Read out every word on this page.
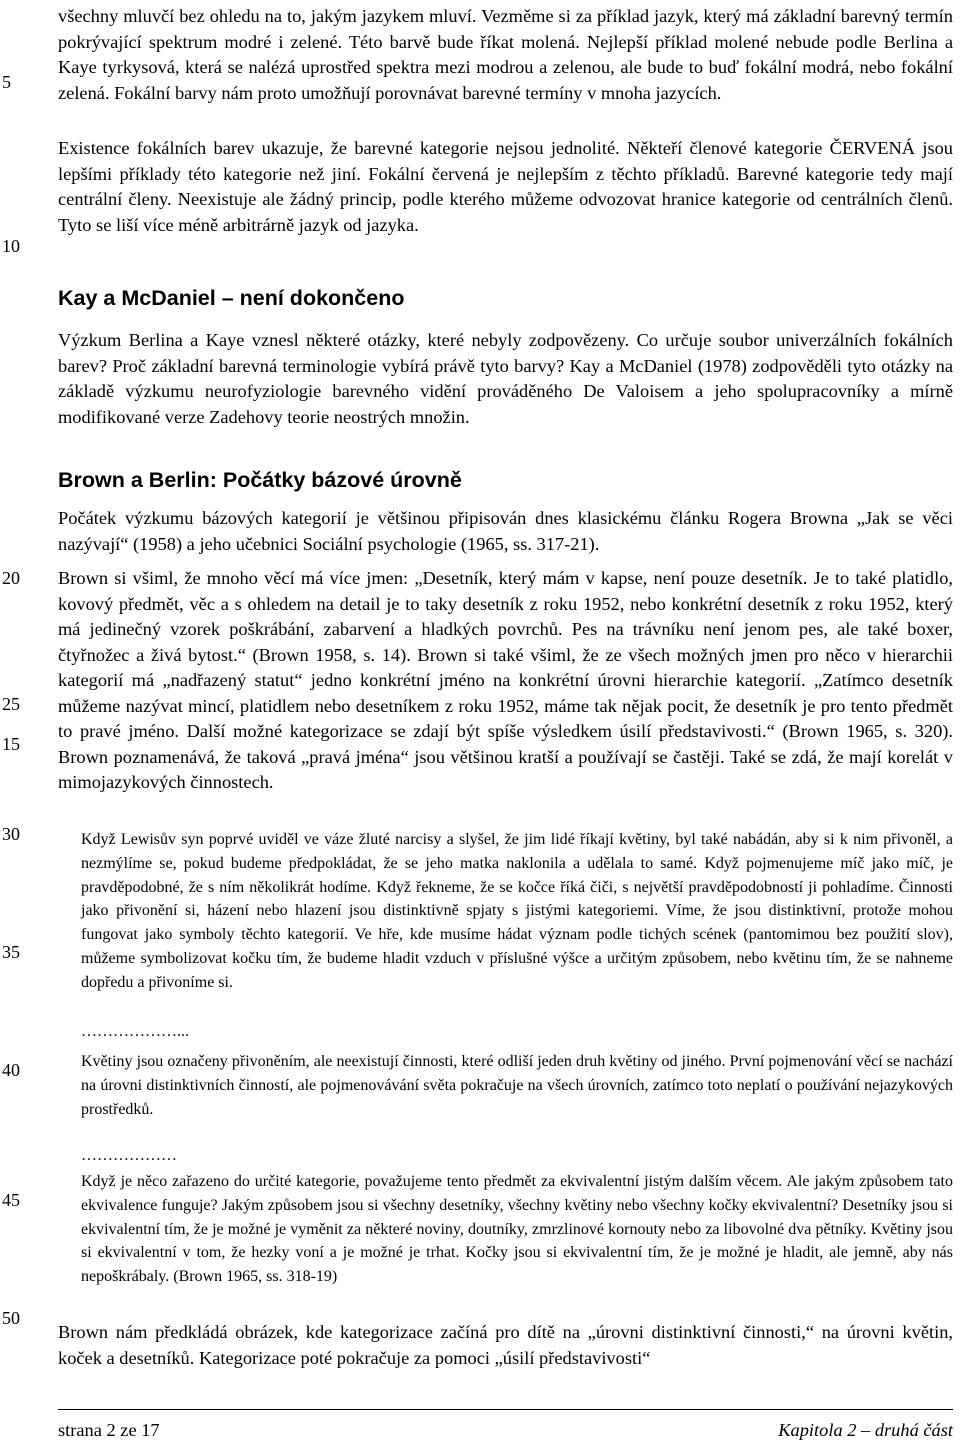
5
10
15
20
25
30
35
40
45
50

všechny mluvčí bez ohledu na to, jakým jazykem mluví. Vezměme si za příklad jazyk, který má základní barevný termín pokrývající spektrum modré i zelené. Této barvě bude říkat molená. Nejlepší příklad molené nebude podle Berlina a Kaye tyrkysová, která se nalézá uprostřed spektra mezi modrou a zelenou, ale bude to buď fokální modrá, nebo fokální zelená. Fokální barvy nám proto umožňují porovnávat barevné termíny v mnoha jazycích.

Existence fokálních barev ukazuje, že barevné kategorie nejsou jednolité. Někteří členové kategorie ČERVENÁ jsou lepšími příklady této kategorie než jiní. Fokální červená je nejlepším z těchto příkladů. Barevné kategorie tedy mají centrální členy. Neexistuje ale žádný princip, podle kterého můžeme odvozovat hranice kategorie od centrálních členů. Tyto se liší více méně arbitrárně jazyk od jazyka.

Kay a McDaniel – není dokončeno

Výzkum Berlina a Kaye vznesl některé otázky, které nebyly zodpovězeny. Co určuje soubor univerzálních fokálních barev? Proč základní barevná terminologie vybírá právě tyto barvy? Kay a McDaniel (1978) zodpověděli tyto otázky na základě výzkumu neurofyziologie barevného vidění prováděného De Valoisem a jeho spolupracovníky a mírně modifikované verze Zadehovy teorie neostrých množin.

Brown a Berlin: Počátky bázové úrovně

Počátek výzkumu bázových kategorií je většinou připisován dnes klasickému článku Rogera Browna „Jak se věci nazývají“ (1958) a jeho učebnici Sociální psychologie (1965, ss. 317-21).

Brown si všiml, že mnoho věcí má více jmen: „Desetník, který mám v kapse, není pouze desetník. Je to také platidlo, kovový předmět, věc a s ohledem na detail je to taky desetník z roku 1952, nebo konkrétní desetník z roku 1952, který má jedinečný vzorek poškrábání, zabarvení a hladkých povrchů. Pes na trávníku není jenom pes, ale také boxer, čtyřnožec a živá bytost.“ (Brown 1958, s. 14). Brown si také všiml, že ze všech možných jmen pro něco v hierarchii kategorií má „nadřazený statut“ jedno konkrétní jméno na konkrétní úrovni hierarchie kategorií. „Zatímco desetník můžeme nazývat mincí, platidlem nebo desetníkem z roku 1952, máme tak nějak pocit, že desetník je pro tento předmět to pravé jméno. Další možné kategorizace se zdají být spíše výsledkem úsilí představivosti.“ (Brown 1965, s. 320). Brown poznamenává, že taková „pravá jména“ jsou většinou kratší a používají se častěji. Také se zdá, že mají korelát v mimojazykových činnostech.

Když Lewisův syn poprvé uviděl ve váze žluté narcisy a slyšel, že jim lidé říkají květiny, byl také nabádán, aby si k nim přivoněl, a nezmýlíme se, pokud budeme předpokládat, že se jeho matka naklonila a udělala to samé. Když pojmenujeme míč jako míč, je pravděpodobné, že s ním několikrát hodíme. Když řekneme, že se kočce říká čiči, s největší pravděpodobností ji pohladíme. Činnosti jako přivonění si, házení nebo hlazení jsou distinktivně spjaty s jistými kategoriemi. Víme, že jsou distinktivní, protože mohou fungovat jako symboly těchto kategorií. Ve hře, kde musíme hádat význam podle tichých scének (pantomimou bez použití slov), můžeme symbolizovat kočku tím, že budeme hladit vzduch v příslušné výšce a určitým způsobem, nebo květinu tím, že se nahneme dopředu a přivoníme si.

………………...

Květiny jsou označeny přivoněním, ale neexistují činnosti, které odliší jeden druh květiny od jiného. První pojmenování věcí se nachází na úrovni distinktivních činností, ale pojmenovávání světa pokračuje na všech úrovních, zatímco toto neplatí o používání nejazykových prostředků.

………………

Když je něco zařazeno do určité kategorie, považujeme tento předmět za ekvivalentní jistým dalším věcem. Ale jakým způsobem tato ekvivalence funguje? Jakým způsobem jsou si všechny desetníky, všechny květiny nebo všechny kočky ekvivalentní? Desetníky jsou si ekvivalentní tím, že je možné je vyměnit za některé noviny, doutníky, zmrzlinové kornouty nebo za libovolné dva pětníky. Květiny jsou si ekvivalentní v tom, že hezky voní a je možné je trhat. Kočky jsou si ekvivalentní tím, že je možné je hladit, ale jemně, aby nás nepoškrábaly. (Brown 1965, ss. 318-19)

Brown nám předkládá obrázek, kde kategorizace začíná pro dítě na „úrovni distinktivní činnosti,“ na úrovni květin, koček a desetníků. Kategorizace poté pokračuje za pomoci „úsilí představivosti“

strana 2 ze 17	Kapitola 2 – druhá část
